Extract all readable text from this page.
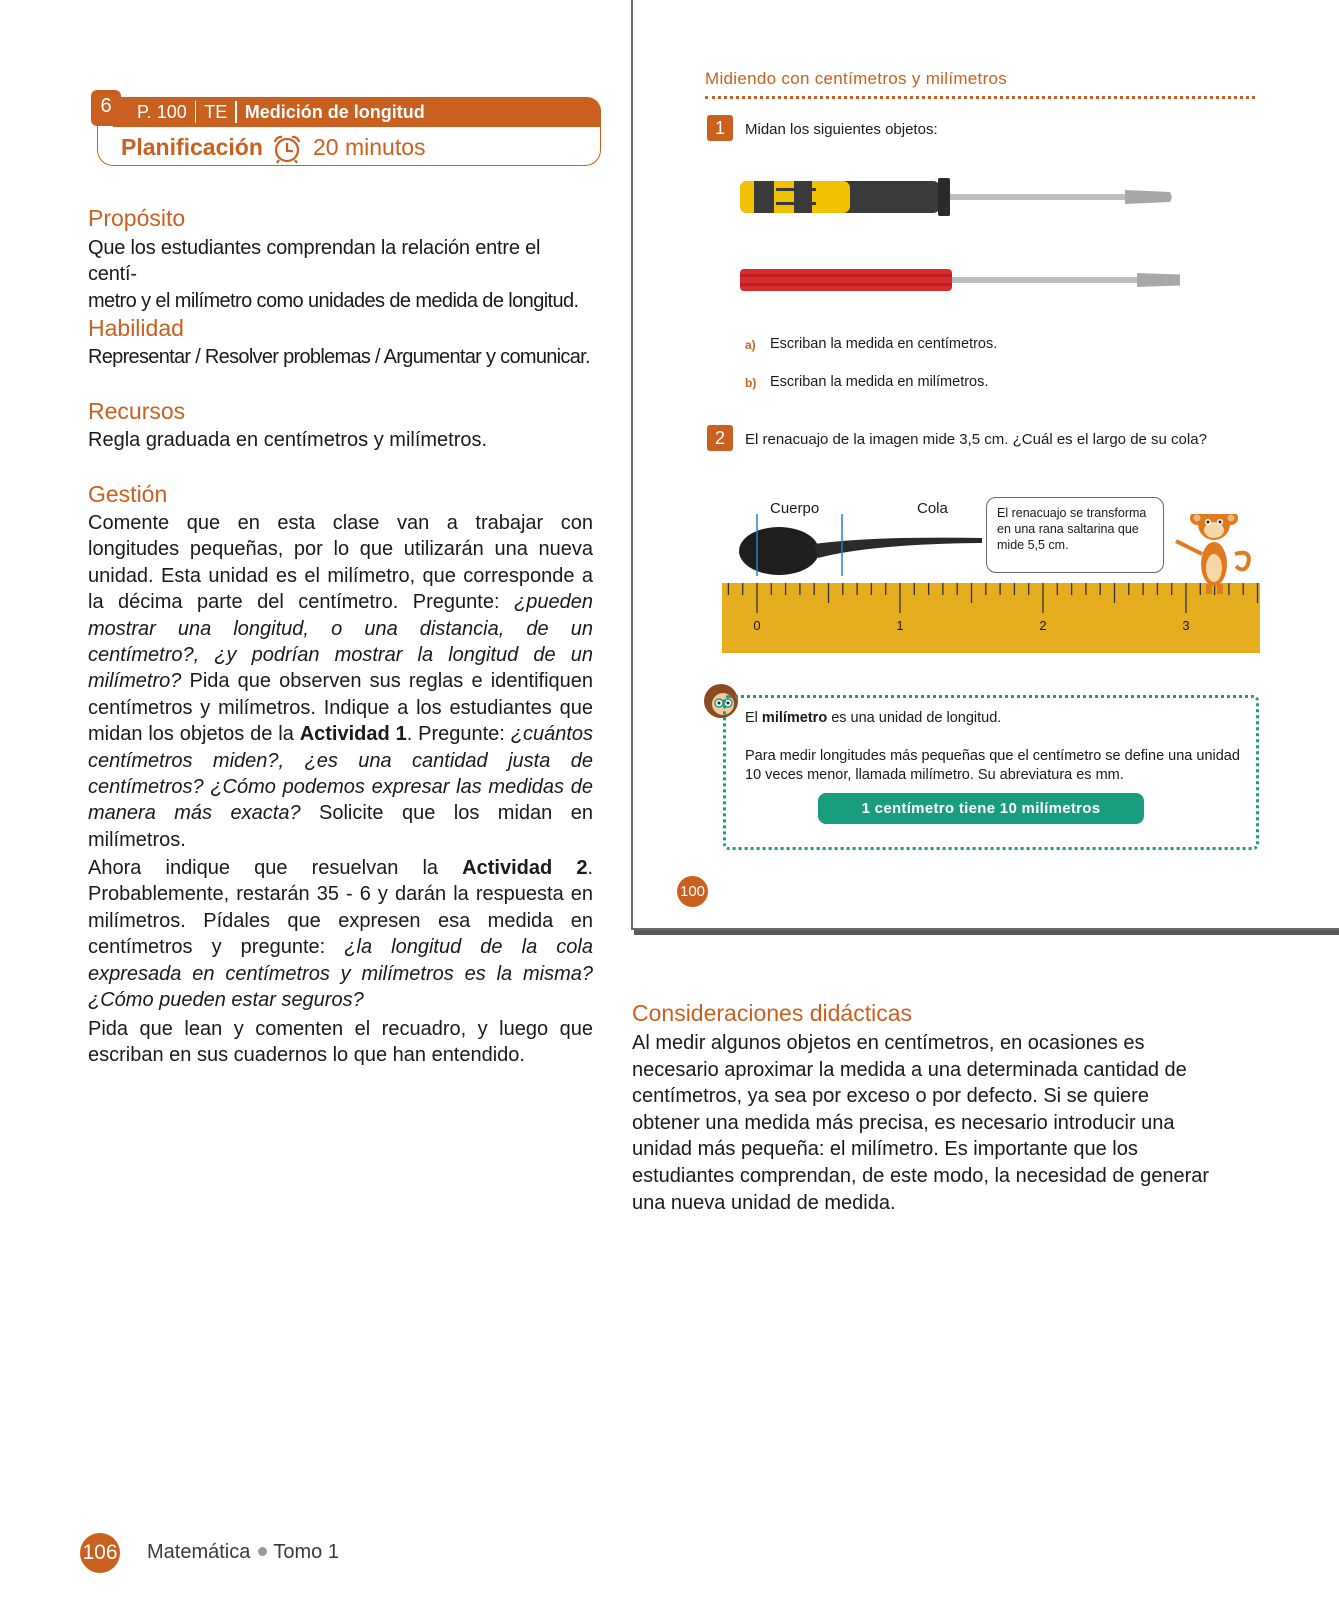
6	P. 100 TE Medición de longitud
Planificación 20 minutos
Propósito
Que los estudiantes comprendan la relación entre el centí-
metro y el milímetro como unidades de medida de longitud.
Habilidad
Representar / Resolver problemas / Argumentar y comunicar.
Recursos
Regla graduada en centímetros y milímetros.
Gestión
Comente que en esta clase van a trabajar con longitudes pequeñas, por lo que utilizarán una nueva unidad. Esta unidad es el milímetro, que corresponde a la décima parte del centímetro. Pregunte: ¿pueden mostrar una longitud, o una distancia, de un centímetro?, ¿y podrían mostrar la longitud de un milímetro? Pida que observen sus reglas e identifiquen centímetros y milímetros. Indique a los estudiantes que midan los objetos de la Actividad 1. Pregunte: ¿cuántos centímetros miden?, ¿es una cantidad justa de centímetros? ¿Cómo podemos expresar las medidas de manera más exacta? Solicite que los midan en milímetros.
Ahora indique que resuelvan la Actividad 2. Probablemente, restarán 35 - 6 y darán la respuesta en milímetros. Pídales que expresen esa medida en centímetros y pregunte: ¿la longitud de la cola expresada en centímetros y milímetros es la misma? ¿Cómo pueden estar seguros?
Pida que lean y comenten el recuadro, y luego que escriban en sus cuadernos lo que han entendido.
Midiendo con centímetros y milímetros
1	Midan los siguientes objetos:
a) Escriban la medida en centímetros.
b) Escriban la medida en milímetros.
2	El renacuajo de la imagen mide 3,5 cm. ¿Cuál es el largo de su cola?
Cuerpo	Cola
0	1	2	3
El renacuajo se transforma en una rana saltarina que mide 5,5 cm.
El milímetro es una unidad de longitud.
Para medir longitudes más pequeñas que el centímetro se define una unidad 10 veces menor, llamada milímetro. Su abreviatura es mm.
1 centímetro tiene 10 milímetros
100
Consideraciones didácticas
Al medir algunos objetos en centímetros, en ocasiones es necesario aproximar la medida a una determinada cantidad de centímetros, ya sea por exceso o por defecto. Si se quiere obtener una medida más precisa, es necesario introducir una unidad más pequeña: el milímetro. Es importante que los estudiantes comprendan, de este modo, la necesidad de generar una nueva unidad de medida.
106 Matemática Tomo 1
